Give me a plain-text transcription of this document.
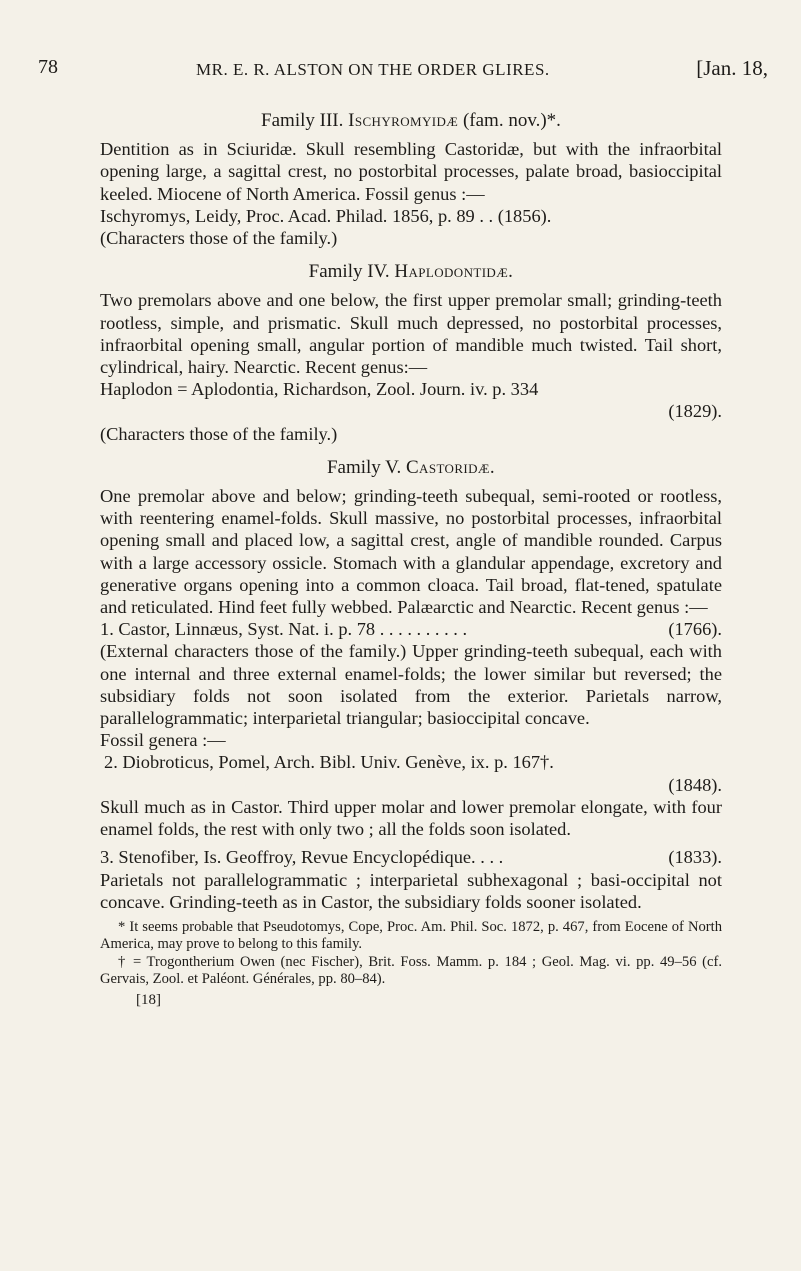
78	MR. E. R. ALSTON ON THE ORDER GLIRES.	[Jan. 18,
Family III. Ischyromyidæ (fam. nov.)*.

Dentition as in Sciuridæ. Skull resembling Castoridæ, but with the infraorbital opening large, a sagittal crest, no postorbital processes, palate broad, basioccipital keeled. Miocene of North America. Fossil genus :—

Ischyromys, Leidy, Proc. Acad. Philad. 1856, p. 89 . . (1856).

(Characters those of the family.)

Family IV. Haplodontidæ.

Two premolars above and one below, the first upper premolar small; grinding-teeth rootless, simple, and prismatic. Skull much depressed, no postorbital processes, infraorbital opening small, angular portion of mandible much twisted. Tail short, cylindrical, hairy. Nearctic. Recent genus:—

Haplodon = Aplodontia, Richardson, Zool. Journ. iv. p. 334

(1829).

(Characters those of the family.)

Family V. Castoridæ.

One premolar above and below; grinding-teeth subequal, semi-rooted or rootless, with reentering enamel-folds. Skull massive, no postorbital processes, infraorbital opening small and placed low, a sagittal crest, angle of mandible rounded. Carpus with a large accessory ossicle. Stomach with a glandular appendage, excretory and generative organs opening into a common cloaca. Tail broad, flat-tened, spatulate and reticulated. Hind feet fully webbed. Palæarctic and Nearctic. Recent genus :—

1. Castor, Linnæus, Syst. Nat. i. p. 78 . . . . . . . . . .	(1766).

(External characters those of the family.) Upper grinding-teeth subequal, each with one internal and three external enamel-folds; the lower similar but reversed; the subsidiary folds not soon isolated from the exterior. Parietals narrow, parallelogrammatic; interparietal triangular; basioccipital concave.

Fossil genera :—

2. Diobroticus, Pomel, Arch. Bibl. Univ. Genève, ix. p. 167†.

(1848).

Skull much as in Castor. Third upper molar and lower premolar elongate, with four enamel folds, the rest with only two ; all the folds soon isolated.

3. Stenofiber, Is. Geoffroy, Revue Encyclopédique. . . .	(1833).

Parietals not parallelogrammatic ; interparietal subhexagonal ; basi-occipital not concave. Grinding-teeth as in Castor, the subsidiary folds sooner isolated.

* It seems probable that Pseudotomys, Cope, Proc. Am. Phil. Soc. 1872, p. 467, from Eocene of North America, may prove to belong to this family.

† = Trogontherium Owen (nec Fischer), Brit. Foss. Mamm. p. 184 ; Geol. Mag. vi. pp. 49–56 (cf. Gervais, Zool. et Paléont. Générales, pp. 80–84).

[18]
